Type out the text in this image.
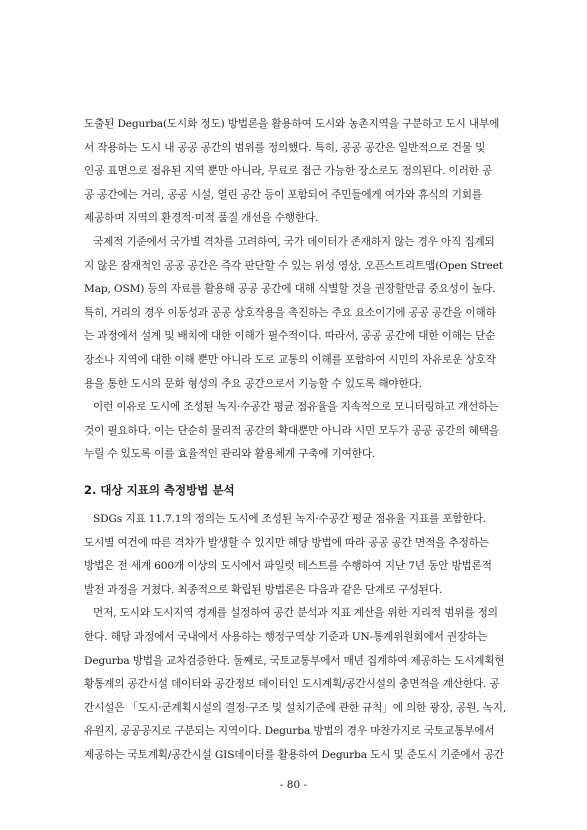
도출된 Degurba(도시화 정도) 방법론을 활용하여 도시와 농촌지역을 구분하고 도시 내부에
서 작용하는 도시 내 공공 공간의 범위를 정의했다. 특히, 공공 공간은 일반적으로 건물 및
인공 표면으로 점유된 지역 뿐만 아니라, 무료로 접근 가능한 장소로도 정의된다. 이러한 공
공 공간에는 거리, 공공 시설, 열린 공간 등이 포함되어 주민들에게 여가와 휴식의 기회를
제공하며 지역의 환경적·미적 품질 개선을 수행한다.
국제적 기준에서 국가별 격차를 고려하여, 국가 데이터가 존재하지 않는 경우 아직 집계되
지 않은 잠재적인 공공 공간은 즉각 판단할 수 있는 위성 영상, 오픈스트리트맵(Open Street
Map, OSM) 등의 자료를 활용해 공공 공간에 대해 식별할 것을 권장할만큼 중요성이 높다.
특히, 거리의 경우 이동성과 공공 상호작용을 촉진하는 주요 요소이기에 공공 공간을 이해하
는 과정에서 설계 및 배치에 대한 이해가 필수적이다. 따라서, 공공 공간에 대한 이해는 단순
장소나 지역에 대한 이해 뿐만 아니라 도로 교통의 이해를 포함하여 시민의 자유로운 상호작
용을 통한 도시의 문화 형성의 주요 공간으로서 기능할 수 있도록 해야한다.
이런 이유로 도시에 조성된 녹지·수공간 평균 점유율을 지속적으로 모니터링하고 개선하는
것이 필요하다. 이는 단순히 물리적 공간의 확대뿐만 아니라 시민 모두가 공공 공간의 혜택을
누릴 수 있도록 이를 효율적인 관리와 활용체계 구축에 기여한다.
2. 대상 지표의 측정방법 분석
SDGs 지표 11.7.1의 정의는 도시에 조성된 녹지·수공간 평균 점유율 지표를 포함한다.
도시별 여건에 따른 격차가 발생할 수 있지만 해당 방법에 따라 공공 공간 면적을 추정하는
방법은 전 세계 600개 이상의 도시에서 파일럿 테스트를 수행하여 지난 7년 동안 방법론적
발전 과정을 거쳤다. 최종적으로 확립된 방법론은 다음과 같은 단계로 구성된다.
먼저, 도시와 도시지역 경계를 설정하여 공간 분석과 지표 계산을 위한 지리적 범위를 정의
한다. 해당 과정에서 국내에서 사용하는 행정구역상 기준과 UN-통계위원회에서 권장하는
Degurba 방법을 교차검증한다. 둘째로, 국토교통부에서 매년 집계하여 제공하는 도시계획현
황통계의 공간시설 데이터와 공간정보 데이터인 도시계획/공간시설의 충면적을 계산한다. 공
간시설은 「도시·군계획시설의 결정·구조 및 설치기준에 관한 규칙」에 의한 광장, 공원, 녹지,
유원지, 공공공지로 구분되는 지역이다. Degurba 방법의 경우 마찬가지로 국토교통부에서
제공하는 국토계획/공간시설 GIS데이터를 활용하여 Degurba 도시 및 준도시 기준에서 공간
- 80 -
